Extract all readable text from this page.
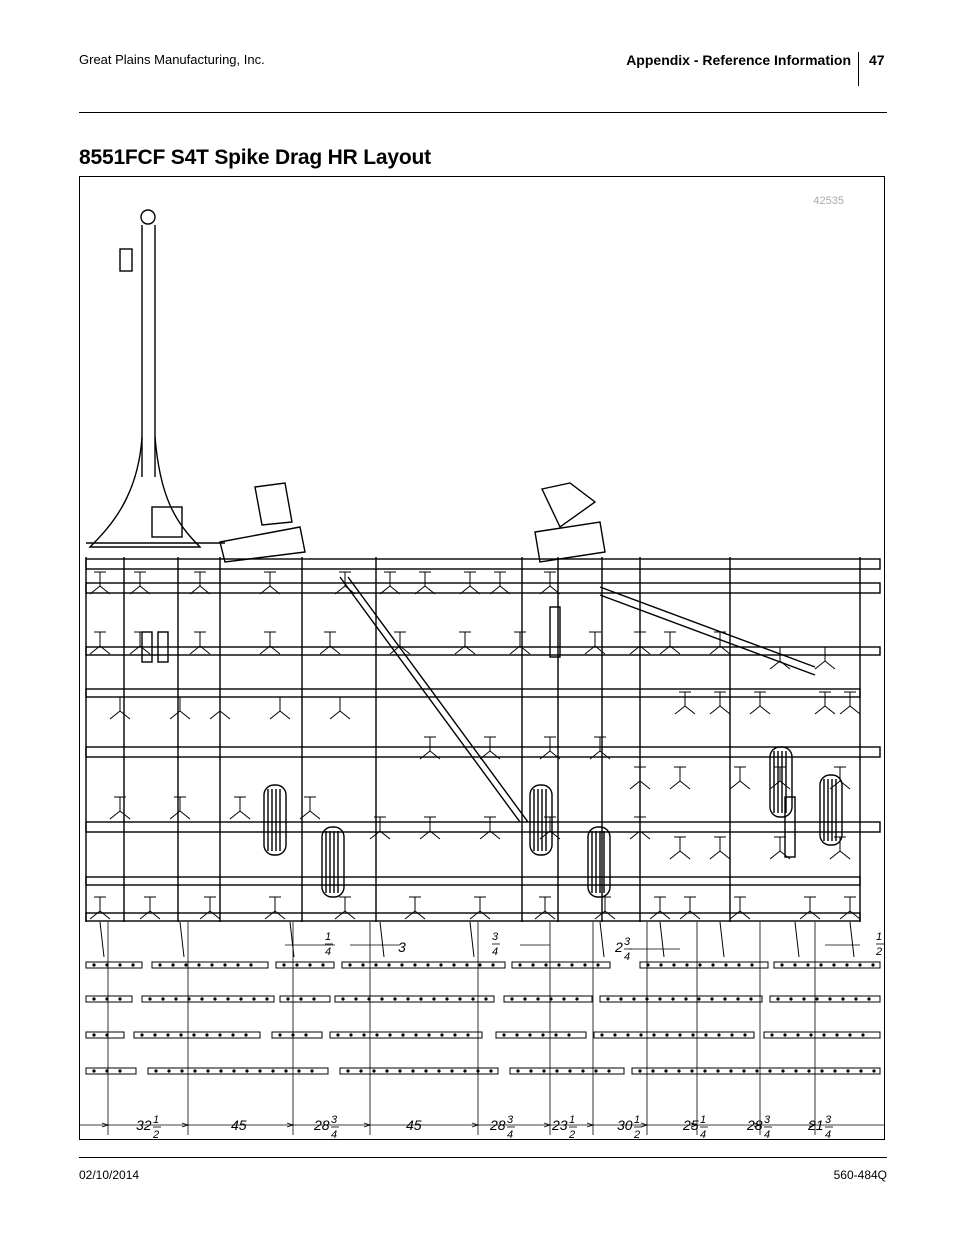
Great Plains Manufacturing, Inc.	Appendix - Reference Information 47
8551FCF S4T Spike Drag HR Layout
42535
32 1
2
45	28 3
4
45	28 3
4
23 1
2
30 1
2
25 1
4
28 3
4
21 3
4
1
4	3
3
4	2 3
4
1
2
02/10/2014	560-484Q
